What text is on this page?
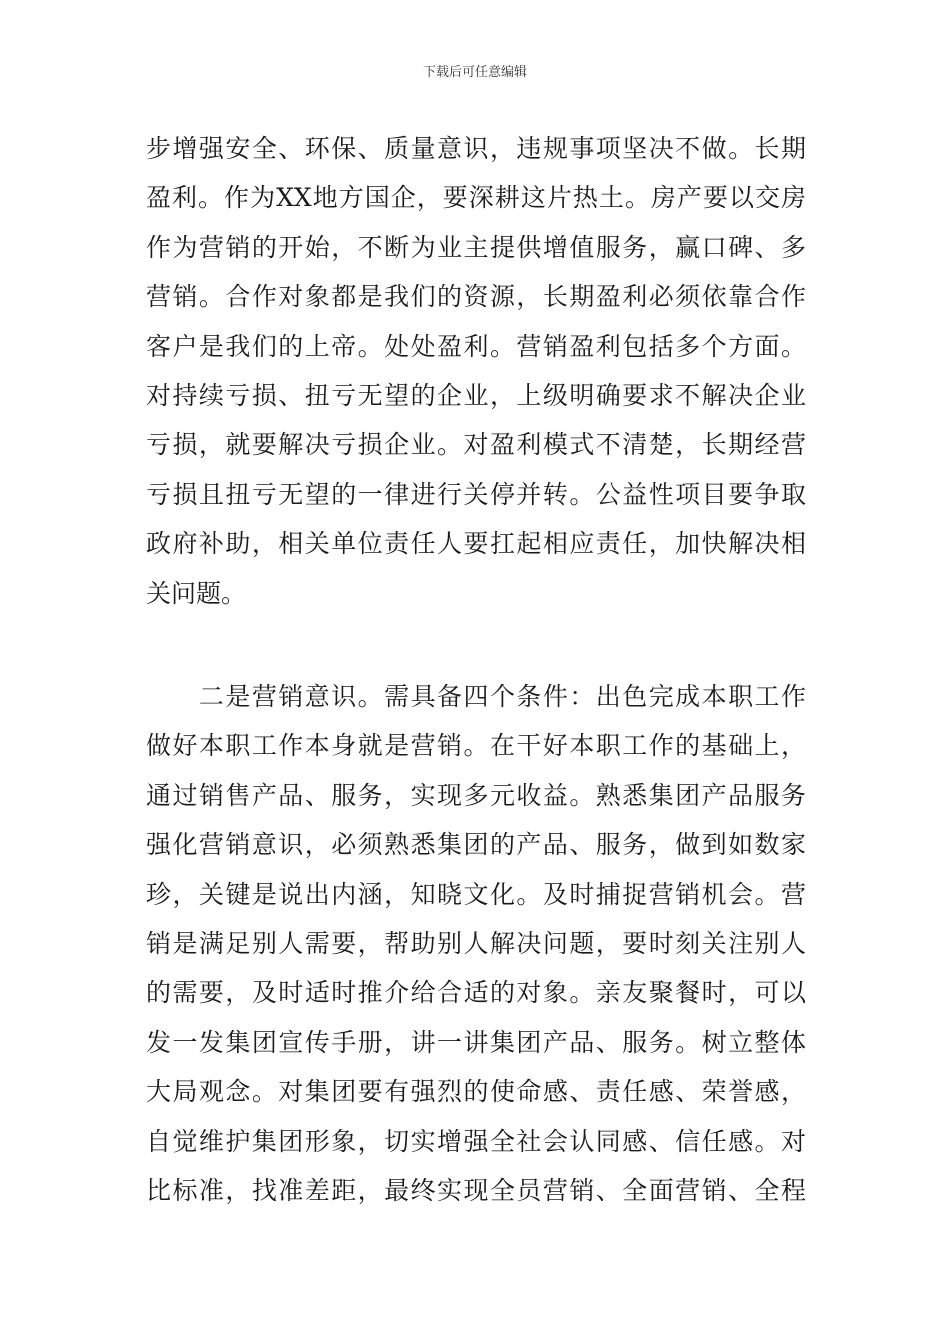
下载后可任意编辑
步增强安全、环保、质量意识，违规事项坚决不做。长期
盈利。作为XX地方国企，要深耕这片热土。房产要以交房
作为营销的开始，不断为业主提供增值服务，赢口碑、多
营销。合作对象都是我们的资源，长期盈利必须依靠合作
客户是我们的上帝。处处盈利。营销盈利包括多个方面。
对持续亏损、扭亏无望的企业，上级明确要求不解决企业
亏损，就要解决亏损企业。对盈利模式不清楚，长期经营
亏损且扭亏无望的一律进行关停并转。公益性项目要争取
政府补助，相关单位责任人要扛起相应责任，加快解决相
关问题。
　　二是营销意识。需具备四个条件：出色完成本职工作
做好本职工作本身就是营销。在干好本职工作的基础上，
通过销售产品、服务，实现多元收益。熟悉集团产品服务
强化营销意识，必须熟悉集团的产品、服务，做到如数家
珍，关键是说出内涵，知晓文化。及时捕捉营销机会。营
销是满足别人需要，帮助别人解决问题，要时刻关注别人
的需要，及时适时推介给合适的对象。亲友聚餐时，可以
发一发集团宣传手册，讲一讲集团产品、服务。树立整体
大局观念。对集团要有强烈的使命感、责任感、荣誉感，
自觉维护集团形象，切实增强全社会认同感、信任感。对
比标准，找准差距，最终实现全员营销、全面营销、全程
